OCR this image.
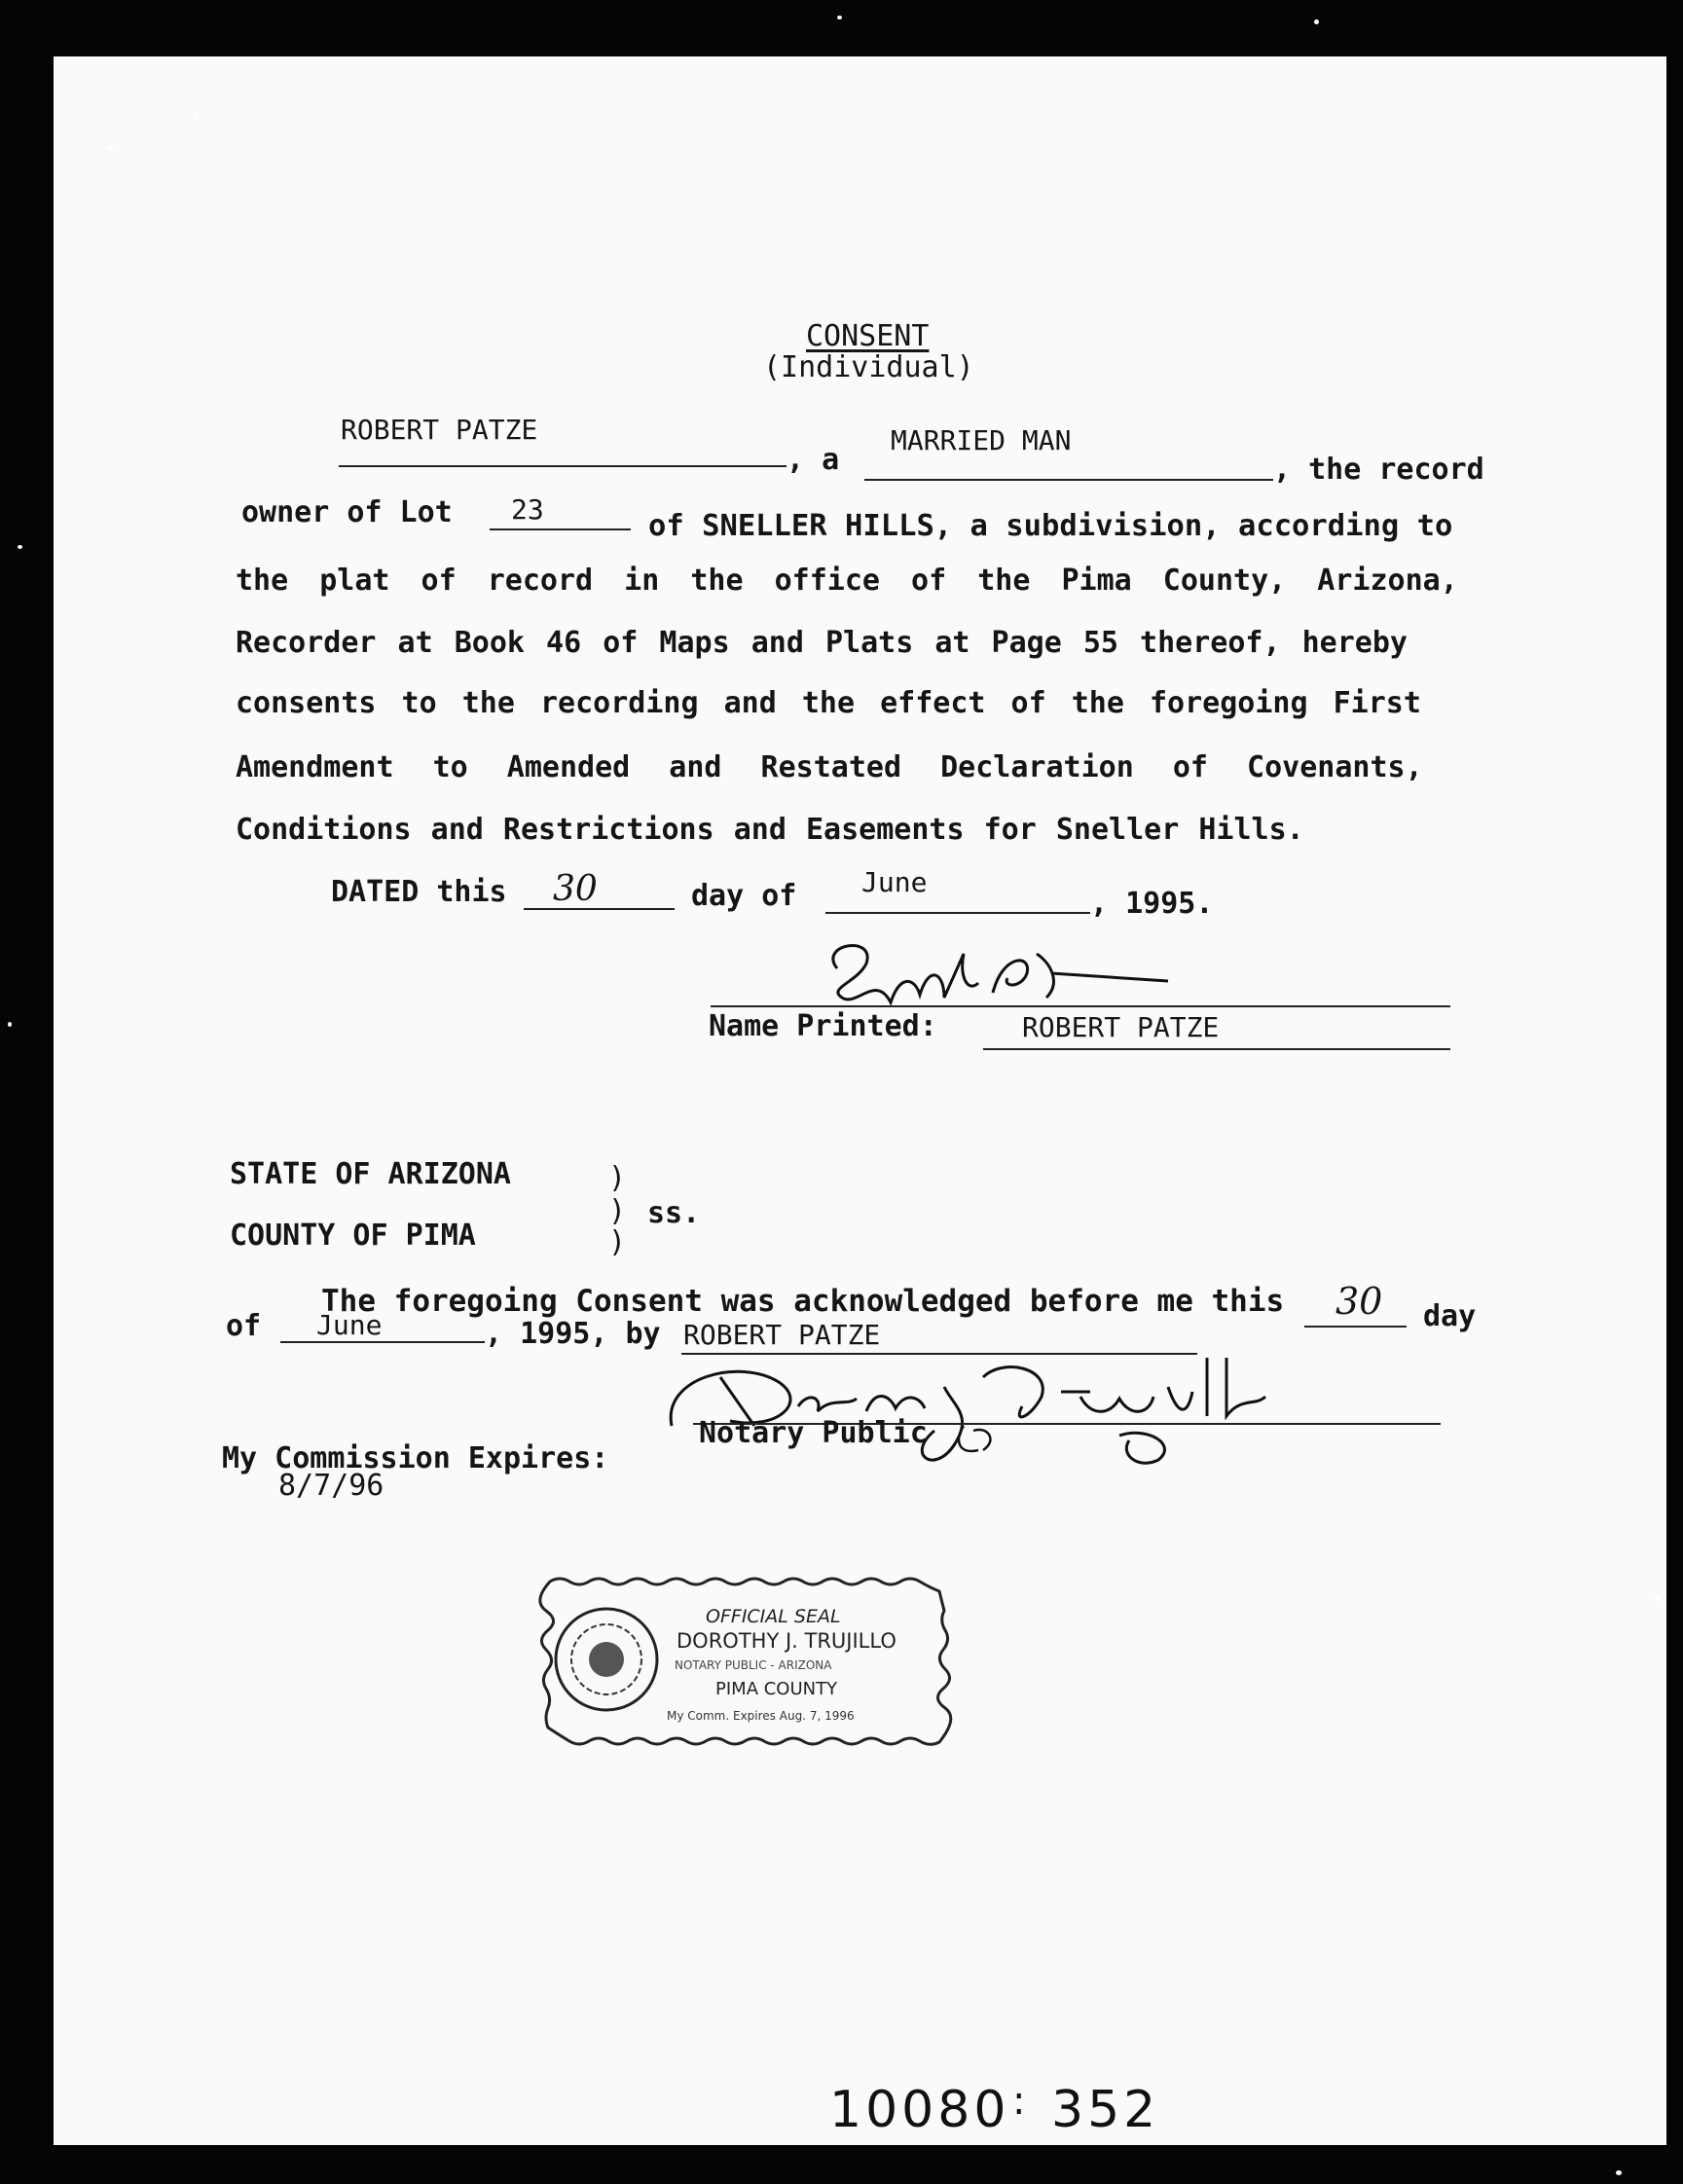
CONSENT
(Individual)
ROBERT PATZE
, a
MARRIED MAN
, the record
owner of Lot 23	of SNELLER HILLS, a subdivision, according to
the plat of record in the office of the Pima County, Arizona,
Recorder at Book 46 of Maps and Plats at Page 55 thereof, hereby
consents to the recording and the effect of the foregoing First
Amendment to Amended and Restated Declaration of Covenants,
Conditions and Restrictions and Easements for Sneller Hills.
DATED this 30	day of June
, 1995.
Name Printed:	ROBERT PATZE
STATE OF ARIZONA	)
) ss.
COUNTY OF PIMA	)
The foregoing Consent was acknowledged before me this 30 day
of June	, 1995, by ROBERT PATZE
Notary Public
My Commission Expires:
8/7/96
OFFICIAL SEAL
DOROTHY J. TRUJILLO
NOTARY PUBLIC - ARIZONA
PIMA COUNTY
My Comm. Expires Aug. 7, 1996
10080 : 352
